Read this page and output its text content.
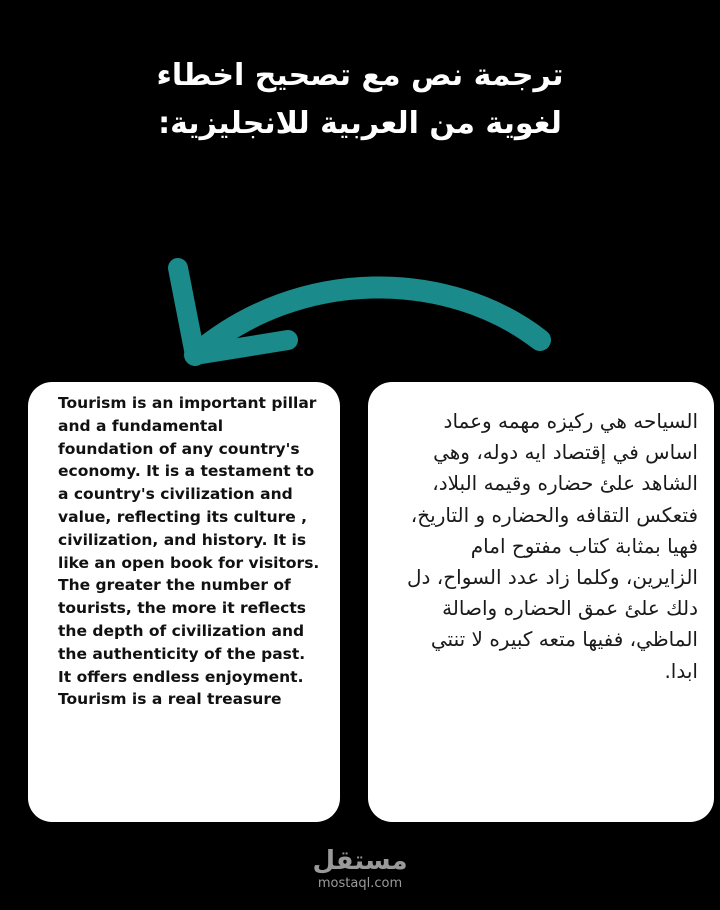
ترجمة نص مع تصحيح اخطاء
لغوية من العربية للانجليزية:

Tourism is an important pillar and a fundamental foundation of any country's economy. It is a testament to a country's civilization and value, reflecting its culture , civilization, and history. It is like an open book for visitors. The greater the number of tourists, the more it reflects the depth of civilization and the authenticity of the past. It offers endless enjoyment. Tourism is a real treasure

السياحه هي ركيزه مهمه وعماد اساس في إقتصاد ايه دوله، وهي الشاهد علئ حضاره وقيمه البلاد، فتعكس التقافه والحضاره و التاريخ، فهيا بمثابة كتاب مفتوح امام الزايرين، وكلما زاد عدد السواح، دل دلك علئ عمق الحضاره واصالة الماظي، ففيها متعه كبيره لا تنتي ابدا.

مستقل
mostaql.com
